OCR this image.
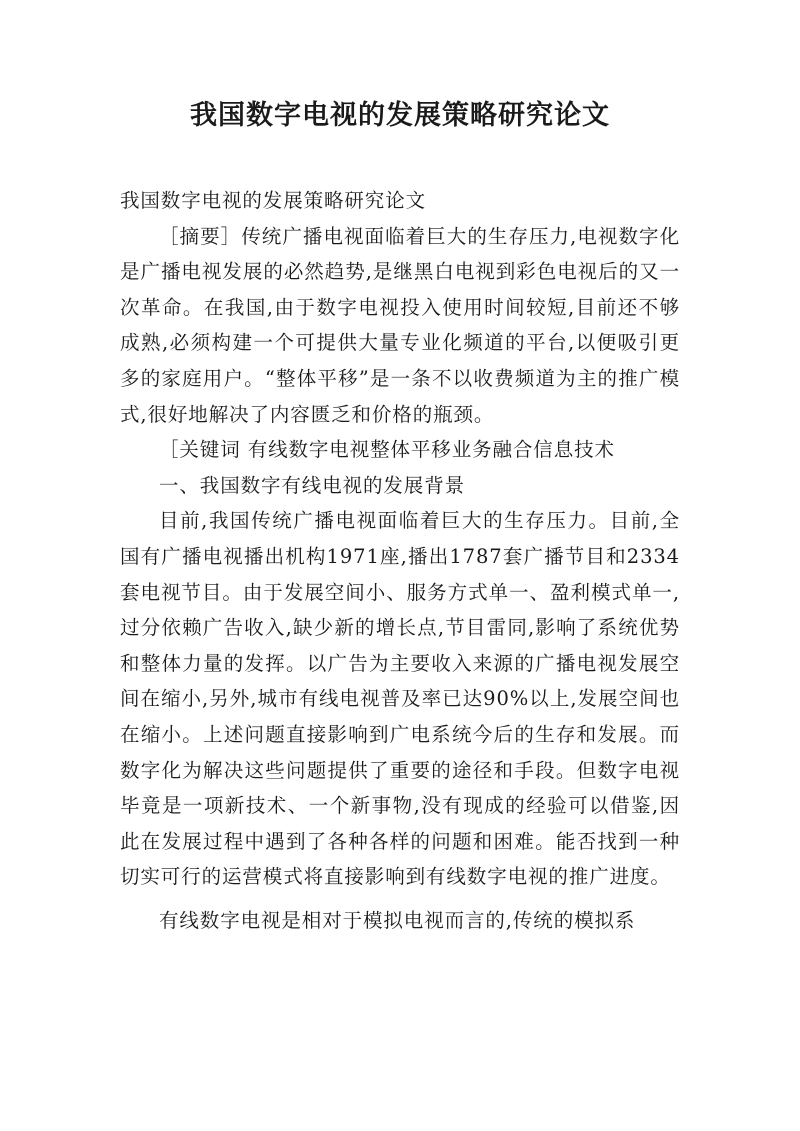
我国数字电视的发展策略研究论文

我国数字电视的发展策略研究论文

［摘要］传统广播电视面临着巨大的生存压力,电视数字化是广播电视发展的必然趋势,是继黑白电视到彩色电视后的又一次革命。在我国,由于数字电视投入使用时间较短,目前还不够成熟,必须构建一个可提供大量专业化频道的平台,以便吸引更多的家庭用户。“整体平移”是一条不以收费频道为主的推广模式,很好地解决了内容匮乏和价格的瓶颈。

［关键词 有线数字电视整体平移业务融合信息技术

一、我国数字有线电视的发展背景

目前,我国传统广播电视面临着巨大的生存压力。目前,全国有广播电视播出机构1971座,播出1787套广播节目和2334套电视节目。由于发展空间小、服务方式单一、盈利模式单一,过分依赖广告收入,缺少新的增长点,节目雷同,影响了系统优势和整体力量的发挥。以广告为主要收入来源的广播电视发展空间在缩小,另外,城市有线电视普及率已达90%以上,发展空间也在缩小。上述问题直接影响到广电系统今后的生存和发展。而数字化为解决这些问题提供了重要的途径和手段。但数字电视毕竟是一项新技术、一个新事物,没有现成的经验可以借鉴,因此在发展过程中遇到了各种各样的问题和困难。能否找到一种切实可行的运营模式将直接影响到有线数字电视的推广进度。

有线数字电视是相对于模拟电视而言的,传统的模拟系
